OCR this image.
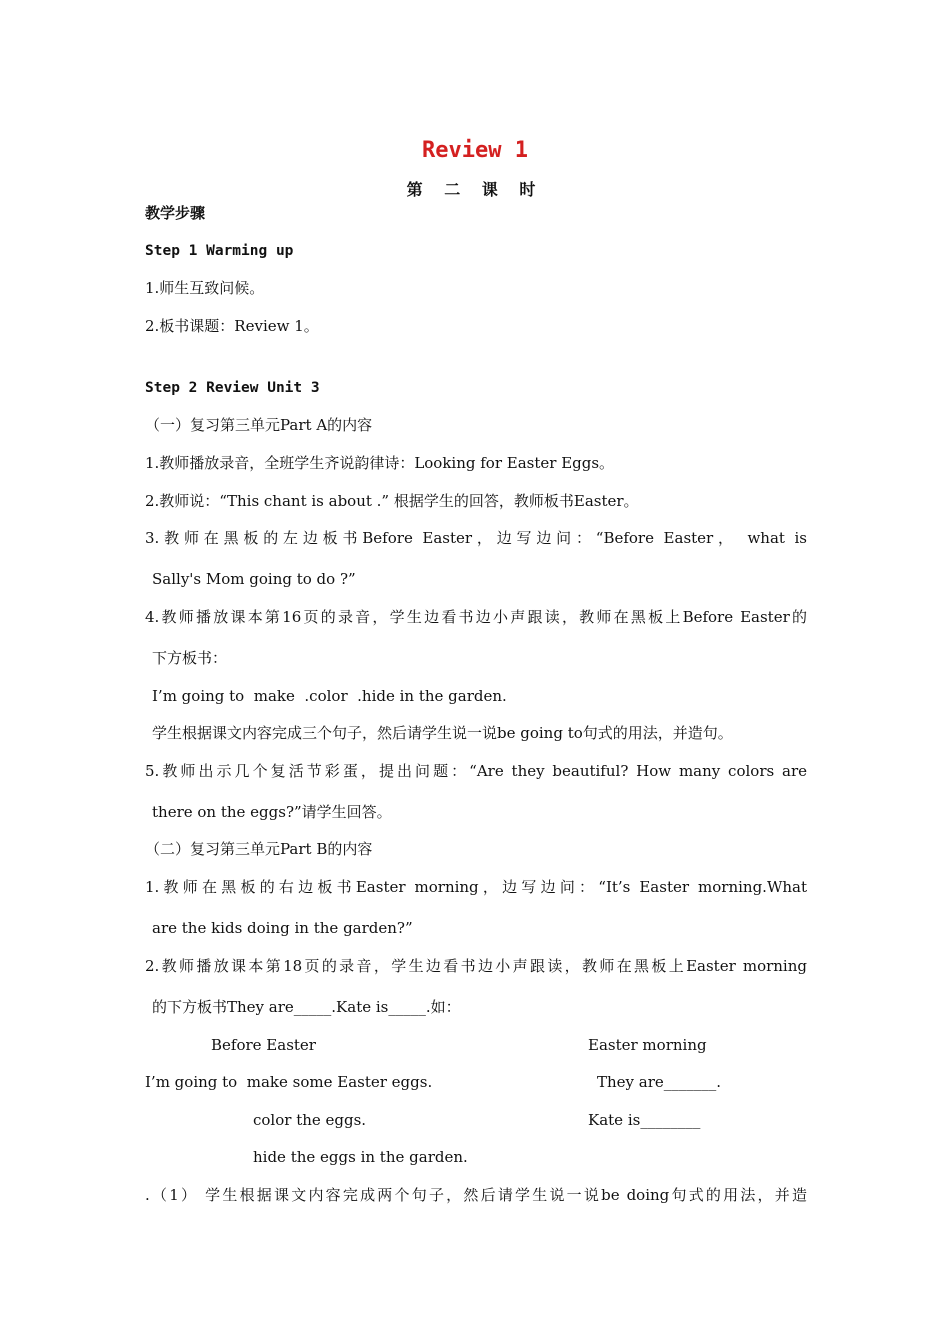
Review 1
第 二 课 时
教学步骤
Step 1 Warming up
1.师生互致问候。
2.板书课题：Review 1。
Step 2 Review Unit 3
（一）复习第三单元Part A的内容
1.教师播放录音，全班学生齐说韵律诗：Looking for Easter Eggs。
2.教师说：“This chant is about .” 根据学生的回答，教师板书Easter。
3.教师在黑板的左边板书Before Easter，边写边问：“Before Easter， what is
Sally's Mom going to do ?”
4.教师播放课本第16页的录音，学生边看书边小声跟读，教师在黑板上Before Easter的
下方板书：
I’m going to  make  .color  .hide in the garden.
学生根据课文内容完成三个句子，然后请学生说一说be going to句式的用法，并造句。
5.教师出示几个复活节彩蛋，提出问题：“Are they beautiful? How many colors are
there on the eggs?”请学生回答。
（二）复习第三单元Part B的内容
1.教师在黑板的右边板书Easter morning，边写边问：“It’s Easter morning.What
are the kids doing in the garden?”
2.教师播放课本第18页的录音，学生边看书边小声跟读，教师在黑板上Easter morning
的下方板书They are_____.Kate is_____.如：
Before Easter	Easter morning
I’m going to  make some Easter eggs.	They are_______.
color the eggs.	Kate is________
hide the eggs in the garden.
.（1） 学生根据课文内容完成两个句子，然后请学生说一说be doing句式的用法，并造
